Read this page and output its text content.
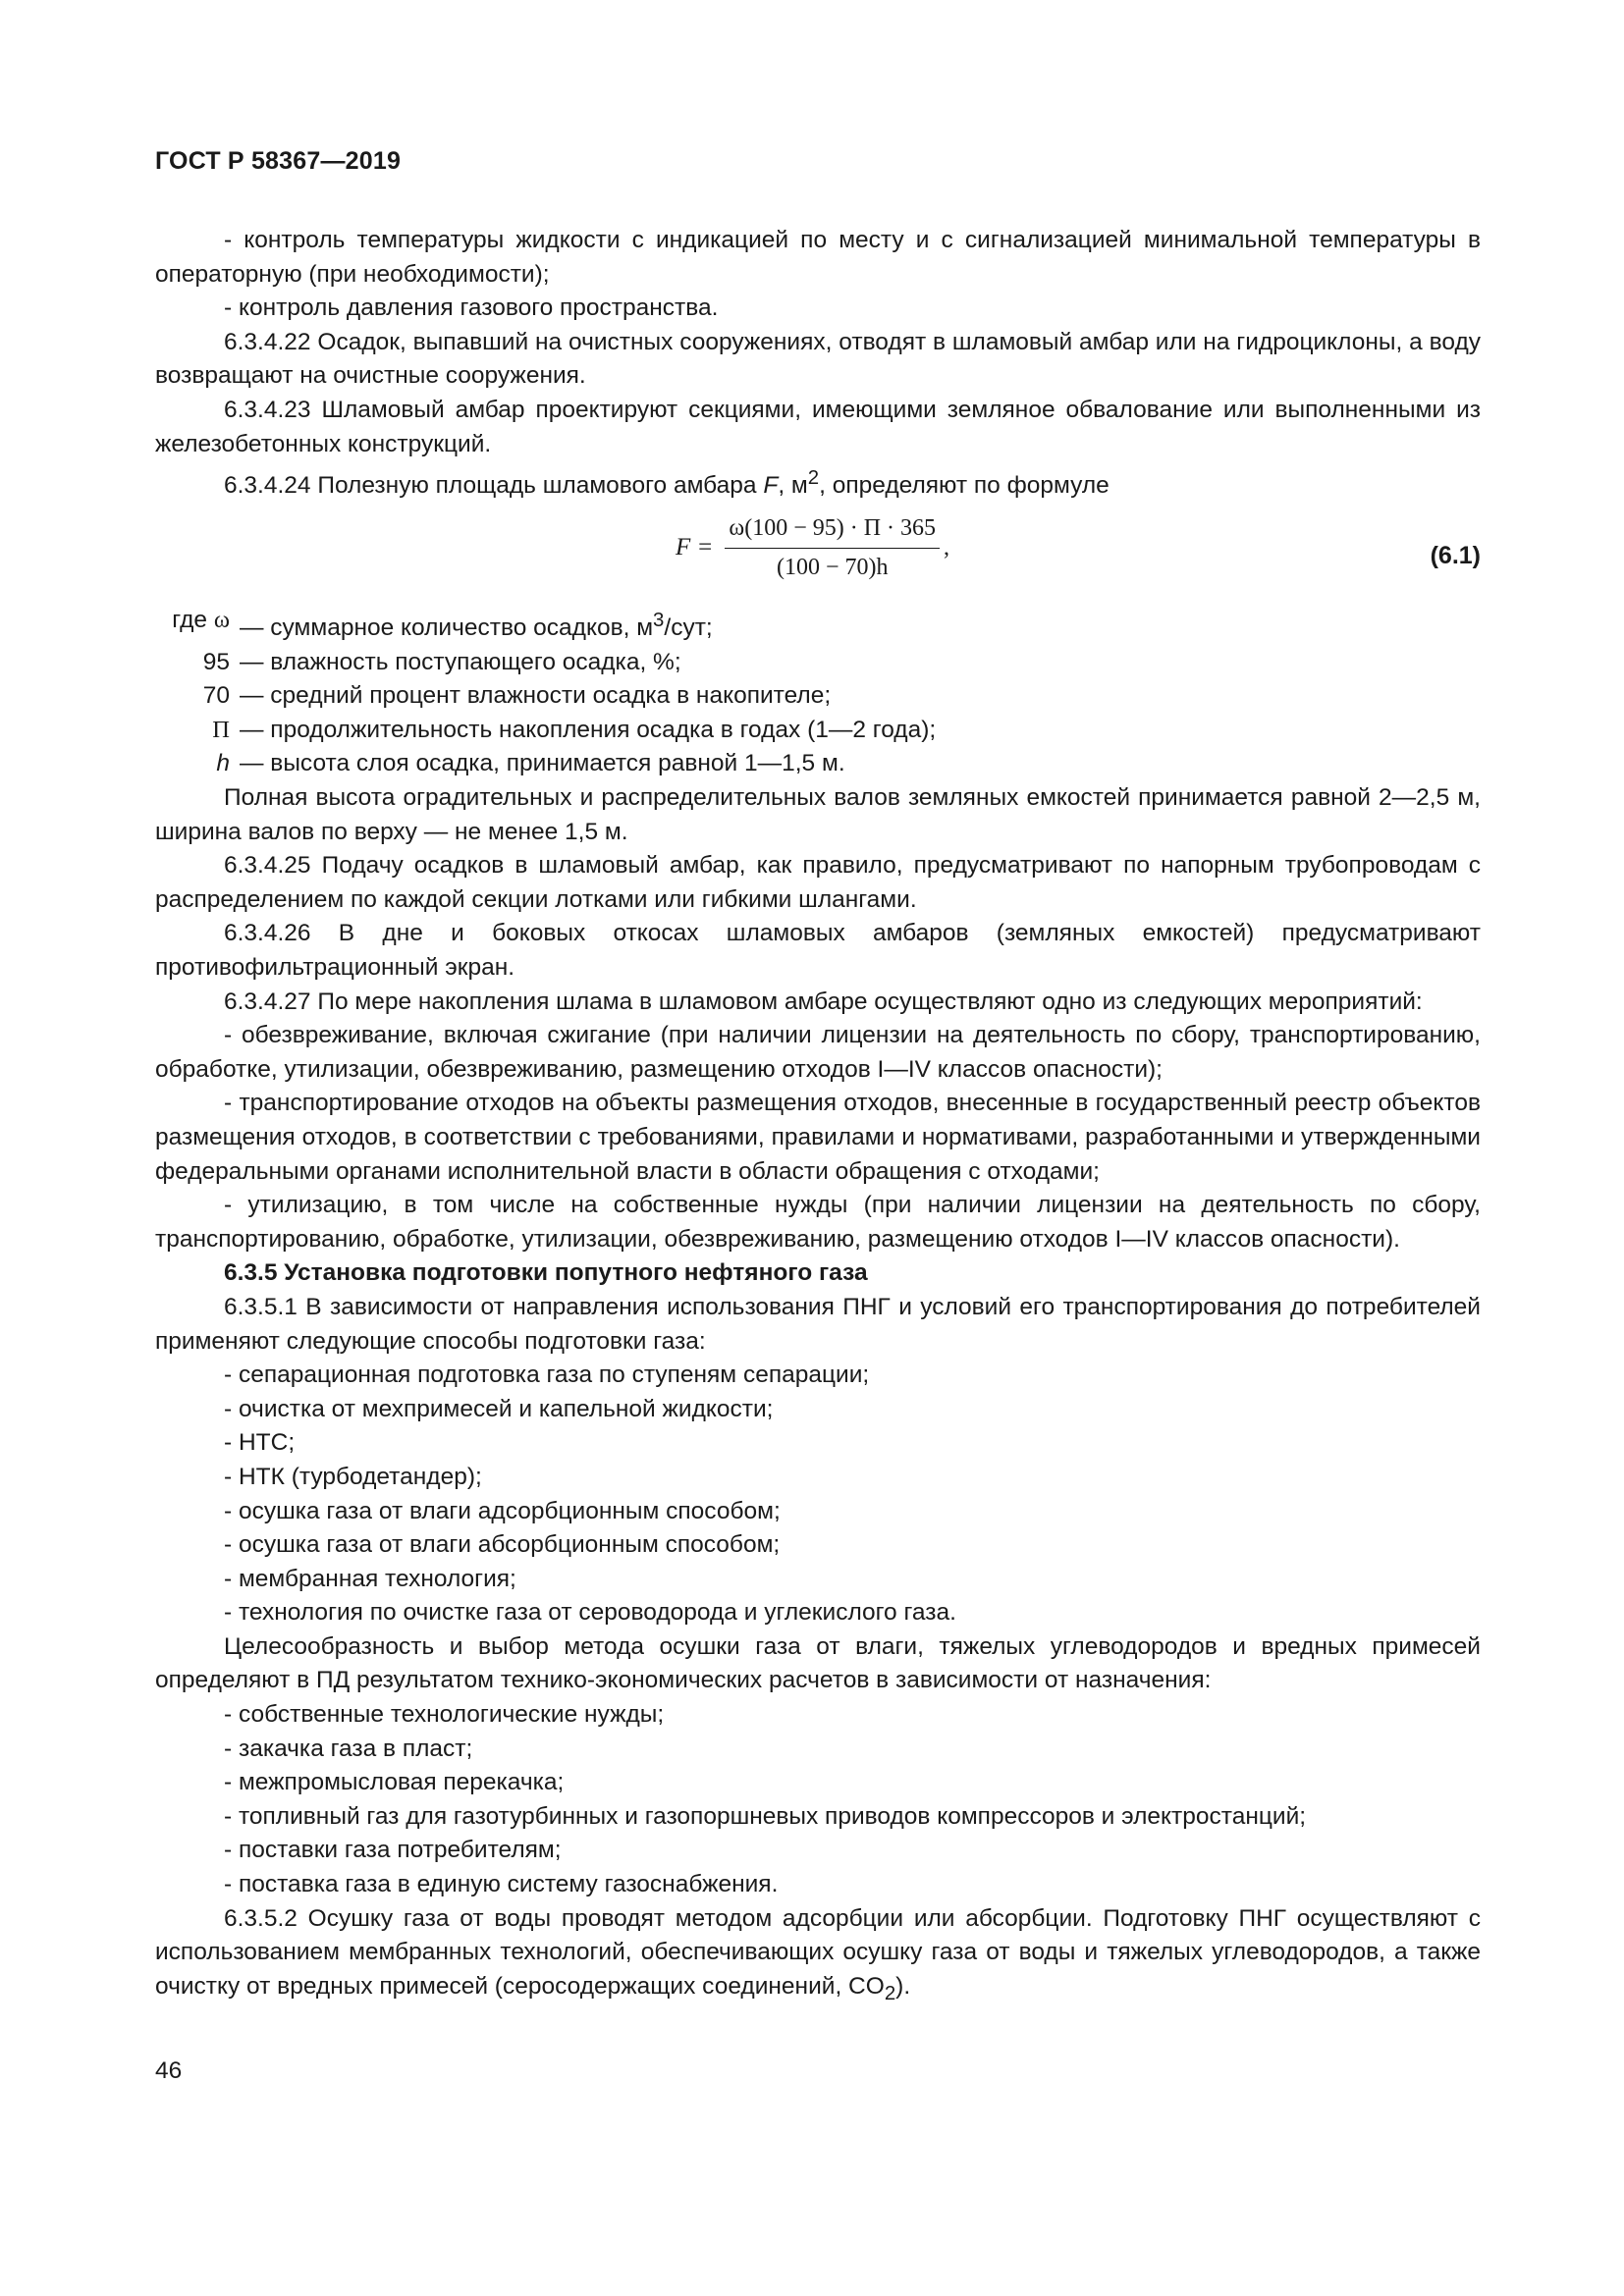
ГОСТ Р 58367—2019

- контроль температуры жидкости с индикацией по месту и с сигнализацией минимальной температуры в операторную (при необходимости);

- контроль давления газового пространства.

6.3.4.22 Осадок, выпавший на очистных сооружениях, отводят в шламовый амбар или на гидроциклоны, а воду возвращают на очистные сооружения.

6.3.4.23 Шламовый амбар проектируют секциями, имеющими земляное обвалование или выполненными из железобетонных конструкций.

6.3.4.24 Полезную площадь шламового амбара F, $м^2$, определяют по формуле

$F = \frac{\omega(100 - 95) \cdot П \cdot 365}{(100 - 70)h}$ ,	(6.1)
где ω — суммарное количество осадков, $м^3$/сут;
95 — влажность поступающего осадка, %;
70 — средний процент влажности осадка в накопителе;
П — продолжительность накопления осадка в годах (1—2 года);
h — высота слоя осадка, принимается равной 1—1,5 м.

Полная высота оградительных и распределительных валов земляных емкостей принимается равной 2—2,5 м, ширина валов по верху — не менее 1,5 м.

6.3.4.25 Подачу осадков в шламовый амбар, как правило, предусматривают по напорным трубопроводам с распределением по каждой секции лотками или гибкими шлангами.

6.3.4.26 В дне и боковых откосах шламовых амбаров (земляных емкостей) предусматривают противофильтрационный экран.

6.3.4.27 По мере накопления шлама в шламовом амбаре осуществляют одно из следующих мероприятий:

- обезвреживание, включая сжигание (при наличии лицензии на деятельность по сбору, транспортированию, обработке, утилизации, обезвреживанию, размещению отходов I—IV классов опасности);

- транспортирование отходов на объекты размещения отходов, внесенные в государственный реестр объектов размещения отходов, в соответствии с требованиями, правилами и нормативами, разработанными и утвержденными федеральными органами исполнительной власти в области обращения с отходами;

- утилизацию, в том числе на собственные нужды (при наличии лицензии на деятельность по сбору, транспортированию, обработке, утилизации, обезвреживанию, размещению отходов I—IV классов опасности).

6.3.5 Установка подготовки попутного нефтяного газа

6.3.5.1 В зависимости от направления использования ПНГ и условий его транспортирования до потребителей применяют следующие способы подготовки газа:

- сепарационная подготовка газа по ступеням сепарации;

- очистка от мехпримесей и капельной жидкости;

- НТС;

- НТК (турбодетандер);

- осушка газа от влаги адсорбционным способом;

- осушка газа от влаги абсорбционным способом;

- мембранная технология;

- технология по очистке газа от сероводорода и углекислого газа.

Целесообразность и выбор метода осушки газа от влаги, тяжелых углеводородов и вредных примесей определяют в ПД результатом технико-экономических расчетов в зависимости от назначения:

- собственные технологические нужды;

- закачка газа в пласт;

- межпромысловая перекачка;

- топливный газ для газотурбинных и газопоршневых приводов компрессоров и электростанций;

- поставки газа потребителям;

- поставка газа в единую систему газоснабжения.

6.3.5.2 Осушку газа от воды проводят методом адсорбции или абсорбции. Подготовку ПНГ осуществляют с использованием мембранных технологий, обеспечивающих осушку газа от воды и тяжелых углеводородов, а также очистку от вредных примесей (серосодержащих соединений, $CO_2$).

46
